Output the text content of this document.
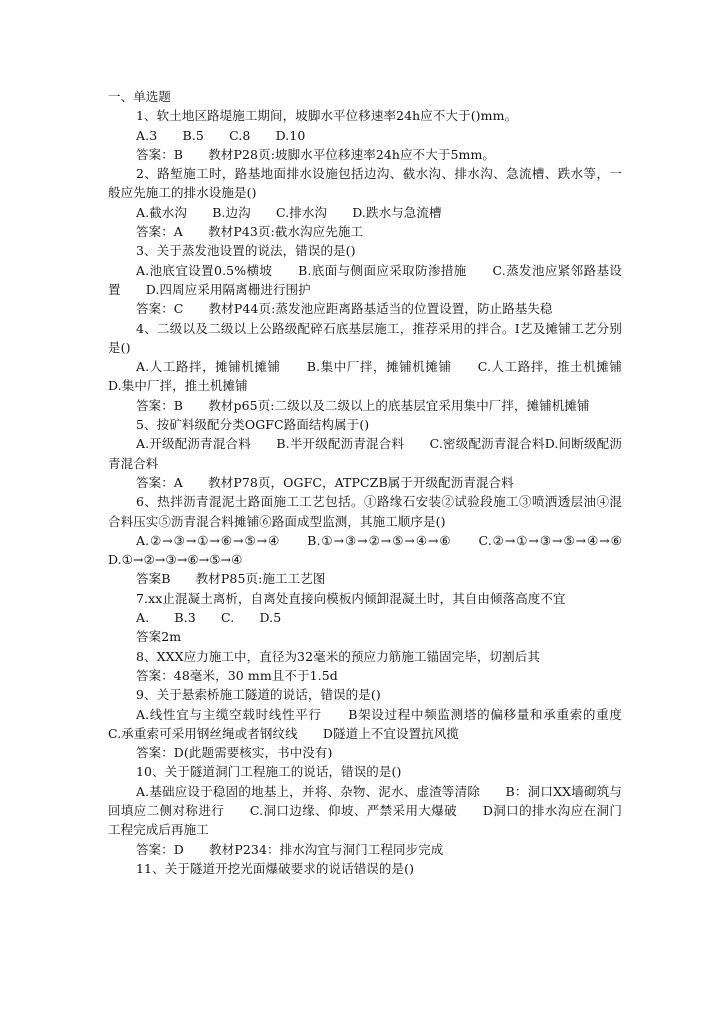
一、单选题

1、软土地区路堤施工期间，坡脚水平位移速率24h应不大于()mm。

A.3　　B.5　　C.8　　D.10

答案：B　　教材P28页:坡脚水平位移速率24h应不大于5mm。

2、路堑施工时，路基地面排水设施包括边沟、截水沟、排水沟、急流槽、跌水等，一般应先施工的排水设施是()

A.截水沟　　B.边沟　　C.排水沟　　D.跌水与急流槽

答案：A　　教材P43页:截水沟应先施工

3、关于蒸发池设置的说法，错误的是()

A.池底宜设置0.5%横坡　　B.底面与侧面应采取防渗措施　　C.蒸发池应紧邻路基设置　　D.四周应采用隔离栅进行围护

答案：C　　教材P44页:蒸发池应距离路基适当的位置设置，防止路基失稳

4、二级以及二级以上公路级配碎石底基层施工，推荐采用的拌合。I艺及摊铺工艺分别是()

A.人工路拌，摊铺机摊铺　　B.集中厂拌，摊铺机摊铺　　C.人工路拌，推土机摊铺　　D.集中厂拌，推土机摊铺

答案：B　　教材p65页:二级以及二级以上的底基层宜采用集中厂拌，摊铺机摊铺

5、按矿料级配分类OGFC路面结构属于()

A.开级配沥青混合料　　B.半开级配沥青混合料　　C.密级配沥青混合料D.间断级配沥青混合料

答案：A　　教材P78页，OGFC，ATPCZB属于开级配沥青混合料

6、热拌沥青混泥土路面施工工艺包括。①路缘石安装②试验段施工③喷洒透层油④混合料压实⑤沥青混合料摊铺⑥路面成型监测，其施工顺序是()

A.②→③→①→⑥→⑤→④　　B.①→③→②→⑤→④→⑥　　C.②→①→③→⑤→④→⑥　　D.①→②→③→⑥→⑤→④

答案B　　教材P85页:施工工艺图

7.xx止混凝土离析，自离处直接向模板内倾卸混凝土时，其自由倾落高度不宜

A.　　B.3　　C.　　D.5

答案2m

8、XXX应力施工中，直径为32毫米的预应力筋施工锚固完毕，切割后其

答案：48毫米，30 mm且不于1.5d

9、关于悬索桥施工隧道的说话，错误的是()

A.线性宜与主缆空载时线性平行　　B架设过程中频监测塔的偏移量和承重索的重度　　C.承重索可采用钢丝绳或者钢纹线　　D隧道上不宜设置抗风揽

答案：D(此题需要核实，书中没有)

10、关于隧道洞门工程施工的说话，错误的是()

A.基础应设于稳固的地基上，并将、杂物、泥水、虚渣等清除　　B：洞口XX墙砌筑与回填应二侧对称进行　　C.洞口边缘、仰坡、严禁采用大爆破　　D洞口的排水沟应在洞门工程完成后再施工

答案：D　　教材P234：排水沟宜与洞门工程同步完成

11、关于隧道开挖光面爆破要求的说话错误的是()
